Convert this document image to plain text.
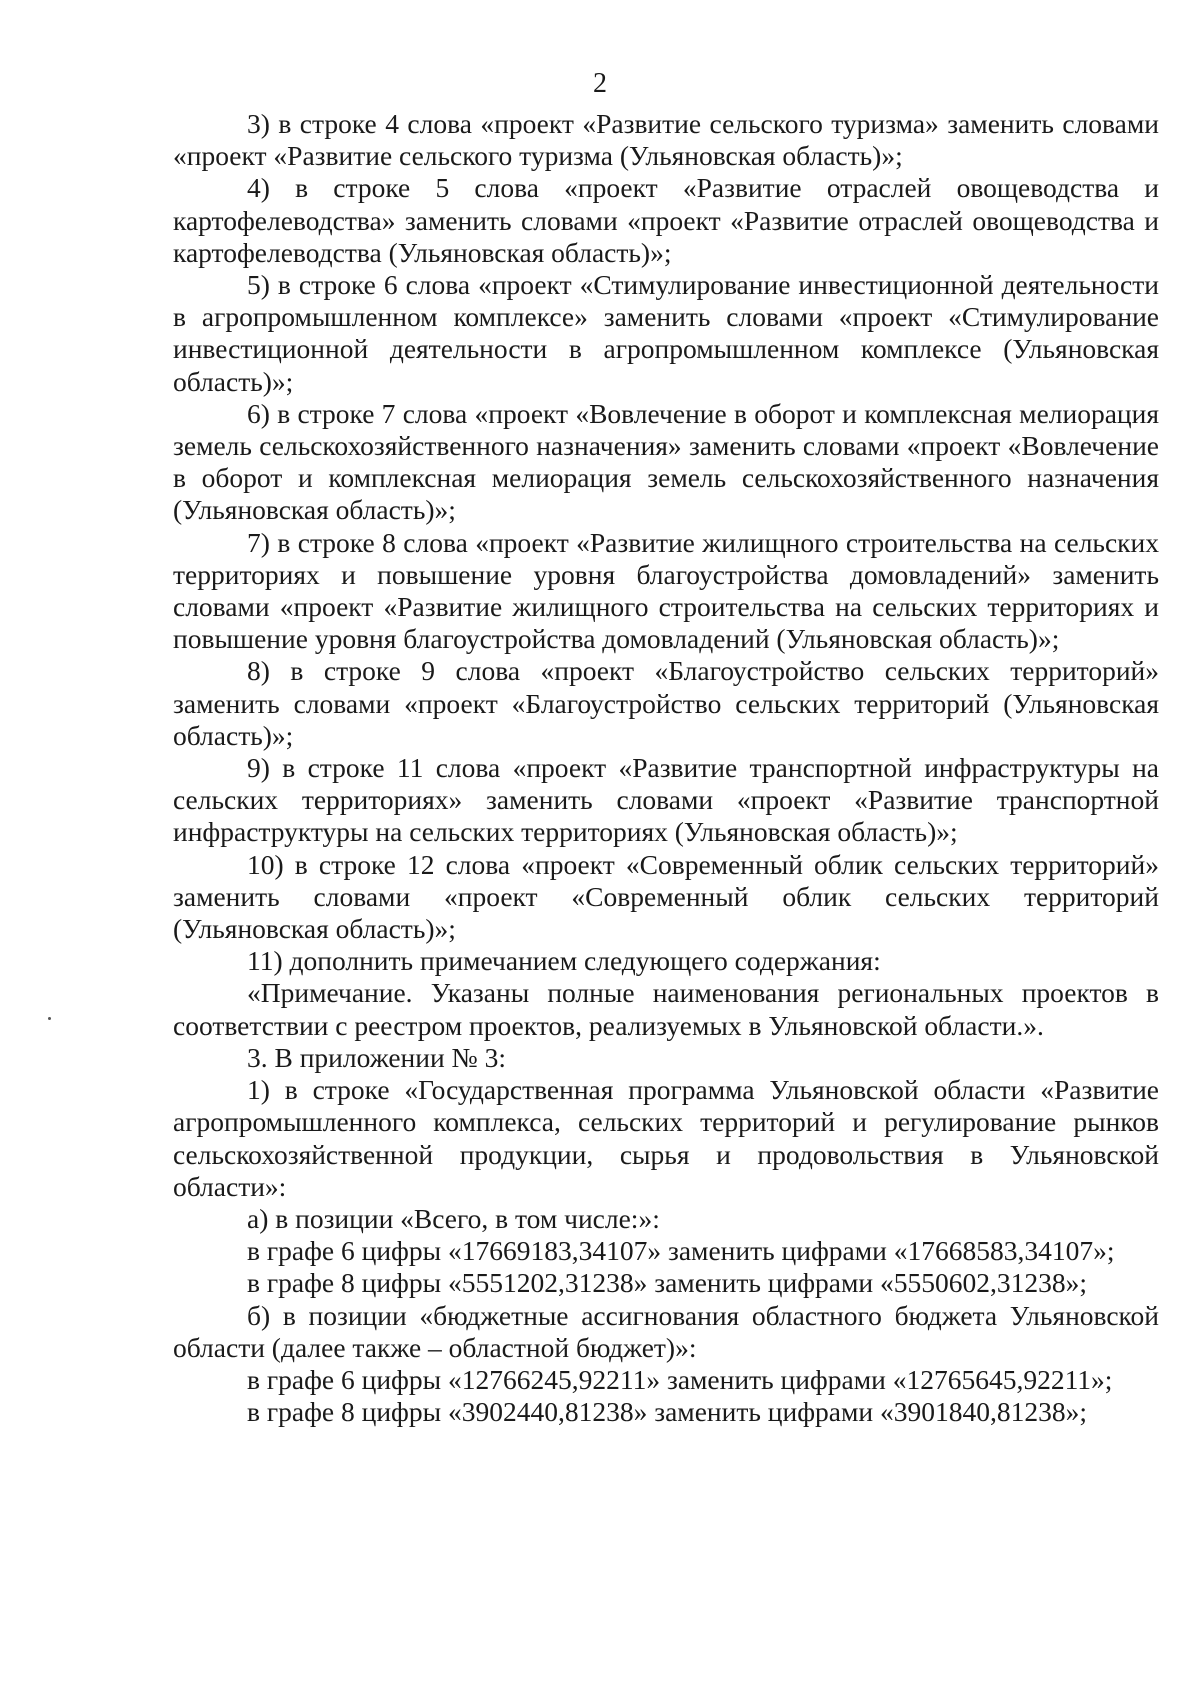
2

3) в строке 4 слова «проект «Развитие сельского туризма» заменить словами «проект «Развитие сельского туризма (Ульяновская область)»;

4) в строке 5 слова «проект «Развитие отраслей овощеводства и картофелеводства» заменить словами «проект «Развитие отраслей овощеводства и картофелеводства (Ульяновская область)»;

5) в строке 6 слова «проект «Стимулирование инвестиционной деятельности в агропромышленном комплексе» заменить словами «проект «Стимулирование инвестиционной деятельности в агропромышленном комплексе (Ульяновская область)»;

6) в строке 7 слова «проект «Вовлечение в оборот и комплексная мелиорация земель сельскохозяйственного назначения» заменить словами «проект «Вовлечение в оборот и комплексная мелиорация земель сельскохозяйственного назначения (Ульяновская область)»;

7) в строке 8 слова «проект «Развитие жилищного строительства на сельских территориях и повышение уровня благоустройства домовладений» заменить словами «проект «Развитие жилищного строительства на сельских территориях и повышение уровня благоустройства домовладений (Ульяновская область)»;

8) в строке 9 слова «проект «Благоустройство сельских территорий» заменить словами «проект «Благоустройство сельских территорий (Ульяновская область)»;

9) в строке 11 слова «проект «Развитие транспортной инфраструктуры на сельских территориях» заменить словами «проект «Развитие транспортной инфраструктуры на сельских территориях (Ульяновская область)»;

10) в строке 12 слова «проект «Современный облик сельских территорий» заменить словами «проект «Современный облик сельских территорий (Ульяновская область)»;

11) дополнить примечанием следующего содержания:

«Примечание. Указаны полные наименования региональных проектов в соответствии с реестром проектов, реализуемых в Ульяновской области.».

3. В приложении № 3:

1) в строке «Государственная программа Ульяновской области «Развитие агропромышленного комплекса, сельских территорий и регулирование рынков сельскохозяйственной продукции, сырья и продовольствия в Ульяновской области»:

а) в позиции «Всего, в том числе:»:

в графе 6 цифры «17669183,34107» заменить цифрами «17668583,34107»;

в графе 8 цифры «5551202,31238» заменить цифрами «5550602,31238»;

б) в позиции «бюджетные ассигнования областного бюджета Ульяновской области (далее также – областной бюджет)»:

в графе 6 цифры «12766245,92211» заменить цифрами «12765645,92211»;

в графе 8 цифры «3902440,81238» заменить цифрами «3901840,81238»;
